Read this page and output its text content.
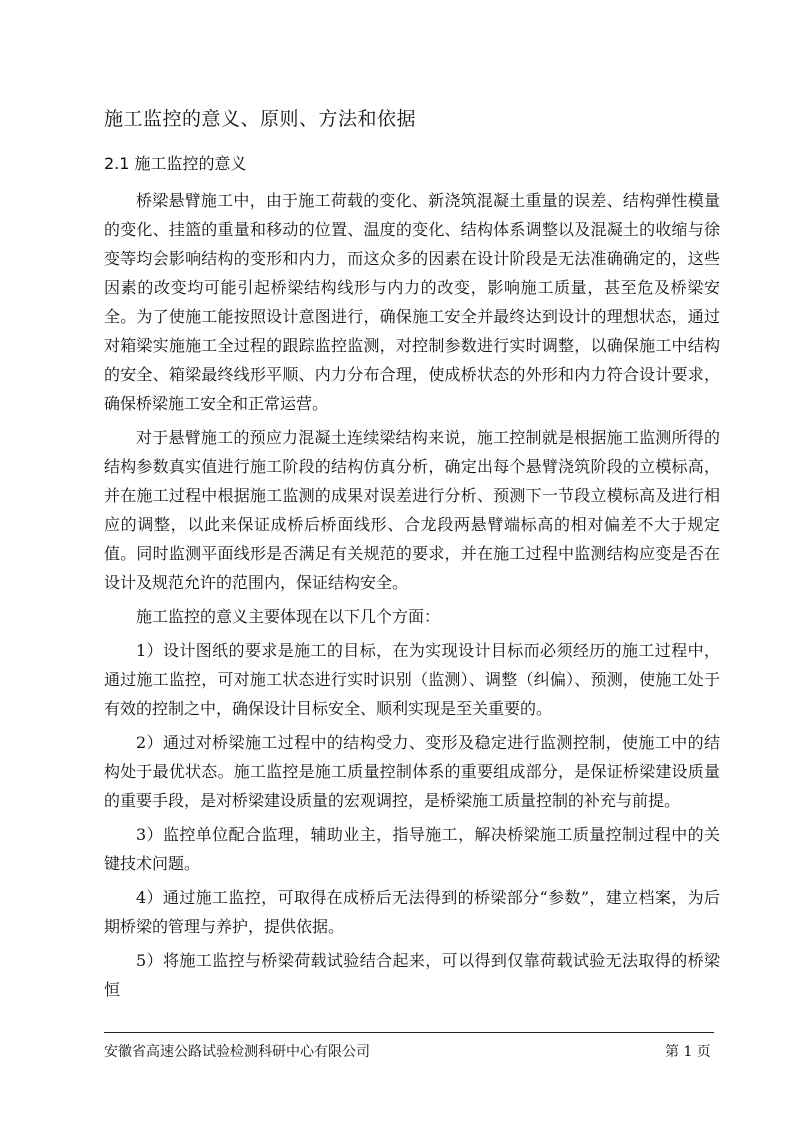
施工监控的意义、原则、方法和依据
2.1 施工监控的意义

桥梁悬臂施工中，由于施工荷载的变化、新浇筑混凝土重量的误差、结构弹性模量的变化、挂篮的重量和移动的位置、温度的变化、结构体系调整以及混凝土的收缩与徐变等均会影响结构的变形和内力，而这众多的因素在设计阶段是无法准确确定的，这些因素的改变均可能引起桥梁结构线形与内力的改变，影响施工质量，甚至危及桥梁安全。为了使施工能按照设计意图进行，确保施工安全并最终达到设计的理想状态，通过对箱梁实施施工全过程的跟踪监控监测，对控制参数进行实时调整，以确保施工中结构的安全、箱梁最终线形平顺、内力分布合理，使成桥状态的外形和内力符合设计要求，确保桥梁施工安全和正常运营。

对于悬臂施工的预应力混凝土连续梁结构来说，施工控制就是根据施工监测所得的结构参数真实值进行施工阶段的结构仿真分析，确定出每个悬臂浇筑阶段的立模标高，并在施工过程中根据施工监测的成果对误差进行分析、预测下一节段立模标高及进行相应的调整，以此来保证成桥后桥面线形、合龙段两悬臂端标高的相对偏差不大于规定值。同时监测平面线形是否满足有关规范的要求，并在施工过程中监测结构应变是否在设计及规范允许的范围内，保证结构安全。

施工监控的意义主要体现在以下几个方面：

1）设计图纸的要求是施工的目标，在为实现设计目标而必须经历的施工过程中，通过施工监控，可对施工状态进行实时识别（监测）、调整（纠偏）、预测，使施工处于有效的控制之中，确保设计目标安全、顺利实现是至关重要的。

2）通过对桥梁施工过程中的结构受力、变形及稳定进行监测控制，使施工中的结构处于最优状态。施工监控是施工质量控制体系的重要组成部分，是保证桥梁建设质量的重要手段，是对桥梁建设质量的宏观调控，是桥梁施工质量控制的补充与前提。

3）监控单位配合监理，辅助业主，指导施工，解决桥梁施工质量控制过程中的关键技术问题。

4）通过施工监控，可取得在成桥后无法得到的桥梁部分“参数”，建立档案，为后期桥梁的管理与养护，提供依据。

5）将施工监控与桥梁荷载试验结合起来，可以得到仅靠荷载试验无法取得的桥梁恒

安徽省高速公路试验检测科研中心有限公司	第 1 页
